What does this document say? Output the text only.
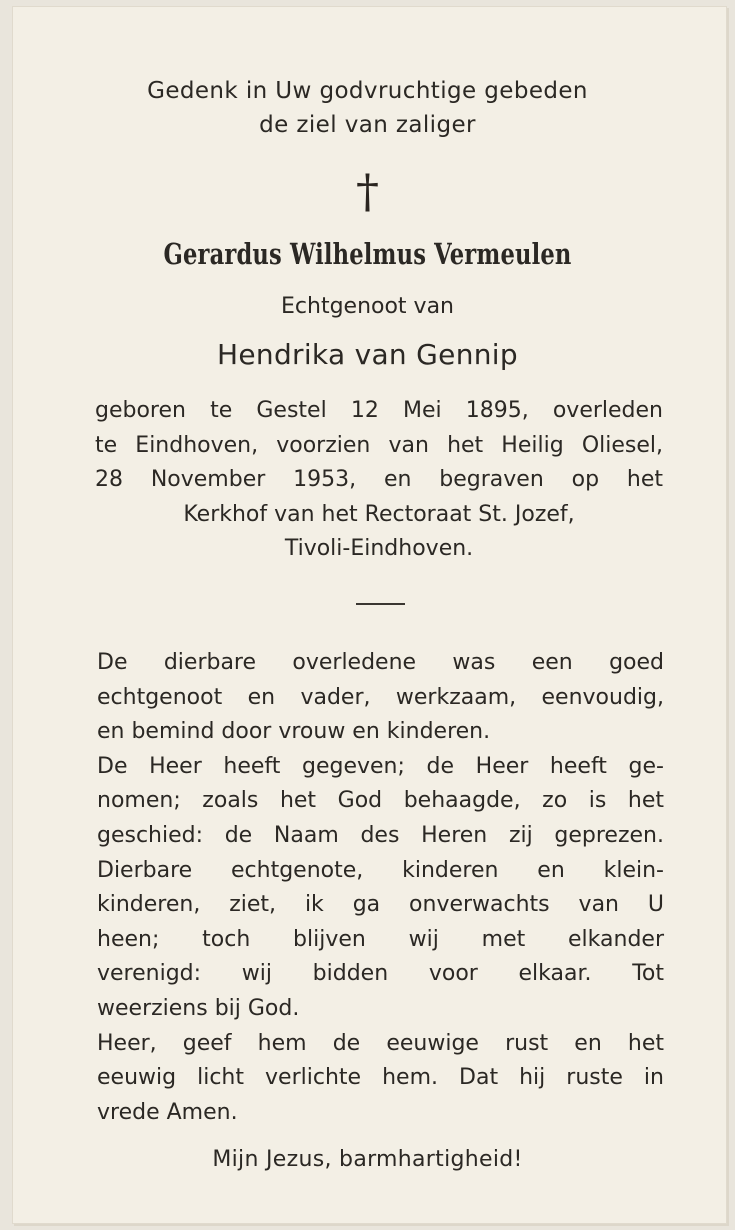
Gedenk in Uw godvruchtige gebeden
de ziel van zaliger
†
Gerardus Wilhelmus Vermeulen
Echtgenoot van
Hendrika van Gennip
geboren te Gestel 12 Mei 1895, overleden
te Eindhoven, voorzien van het Heilig Oliesel,
28 November 1953, en begraven op het
Kerkhof van het Rectoraat St. Jozef,
Tivoli-Eindhoven.
De dierbare overledene was een goed
echtgenoot en vader, werkzaam, eenvoudig,
en bemind door vrouw en kinderen.
De Heer heeft gegeven; de Heer heeft ge-
nomen; zoals het God behaagde, zo is het
geschied: de Naam des Heren zij geprezen.
Dierbare echtgenote, kinderen en klein-
kinderen, ziet, ik ga onverwachts van U
heen; toch blijven wij met elkander
verenigd: wij bidden voor elkaar. Tot
weerziens bij God.
Heer, geef hem de eeuwige rust en het
eeuwig licht verlichte hem. Dat hij ruste in
vrede Amen.
Mijn Jezus, barmhartigheid!
